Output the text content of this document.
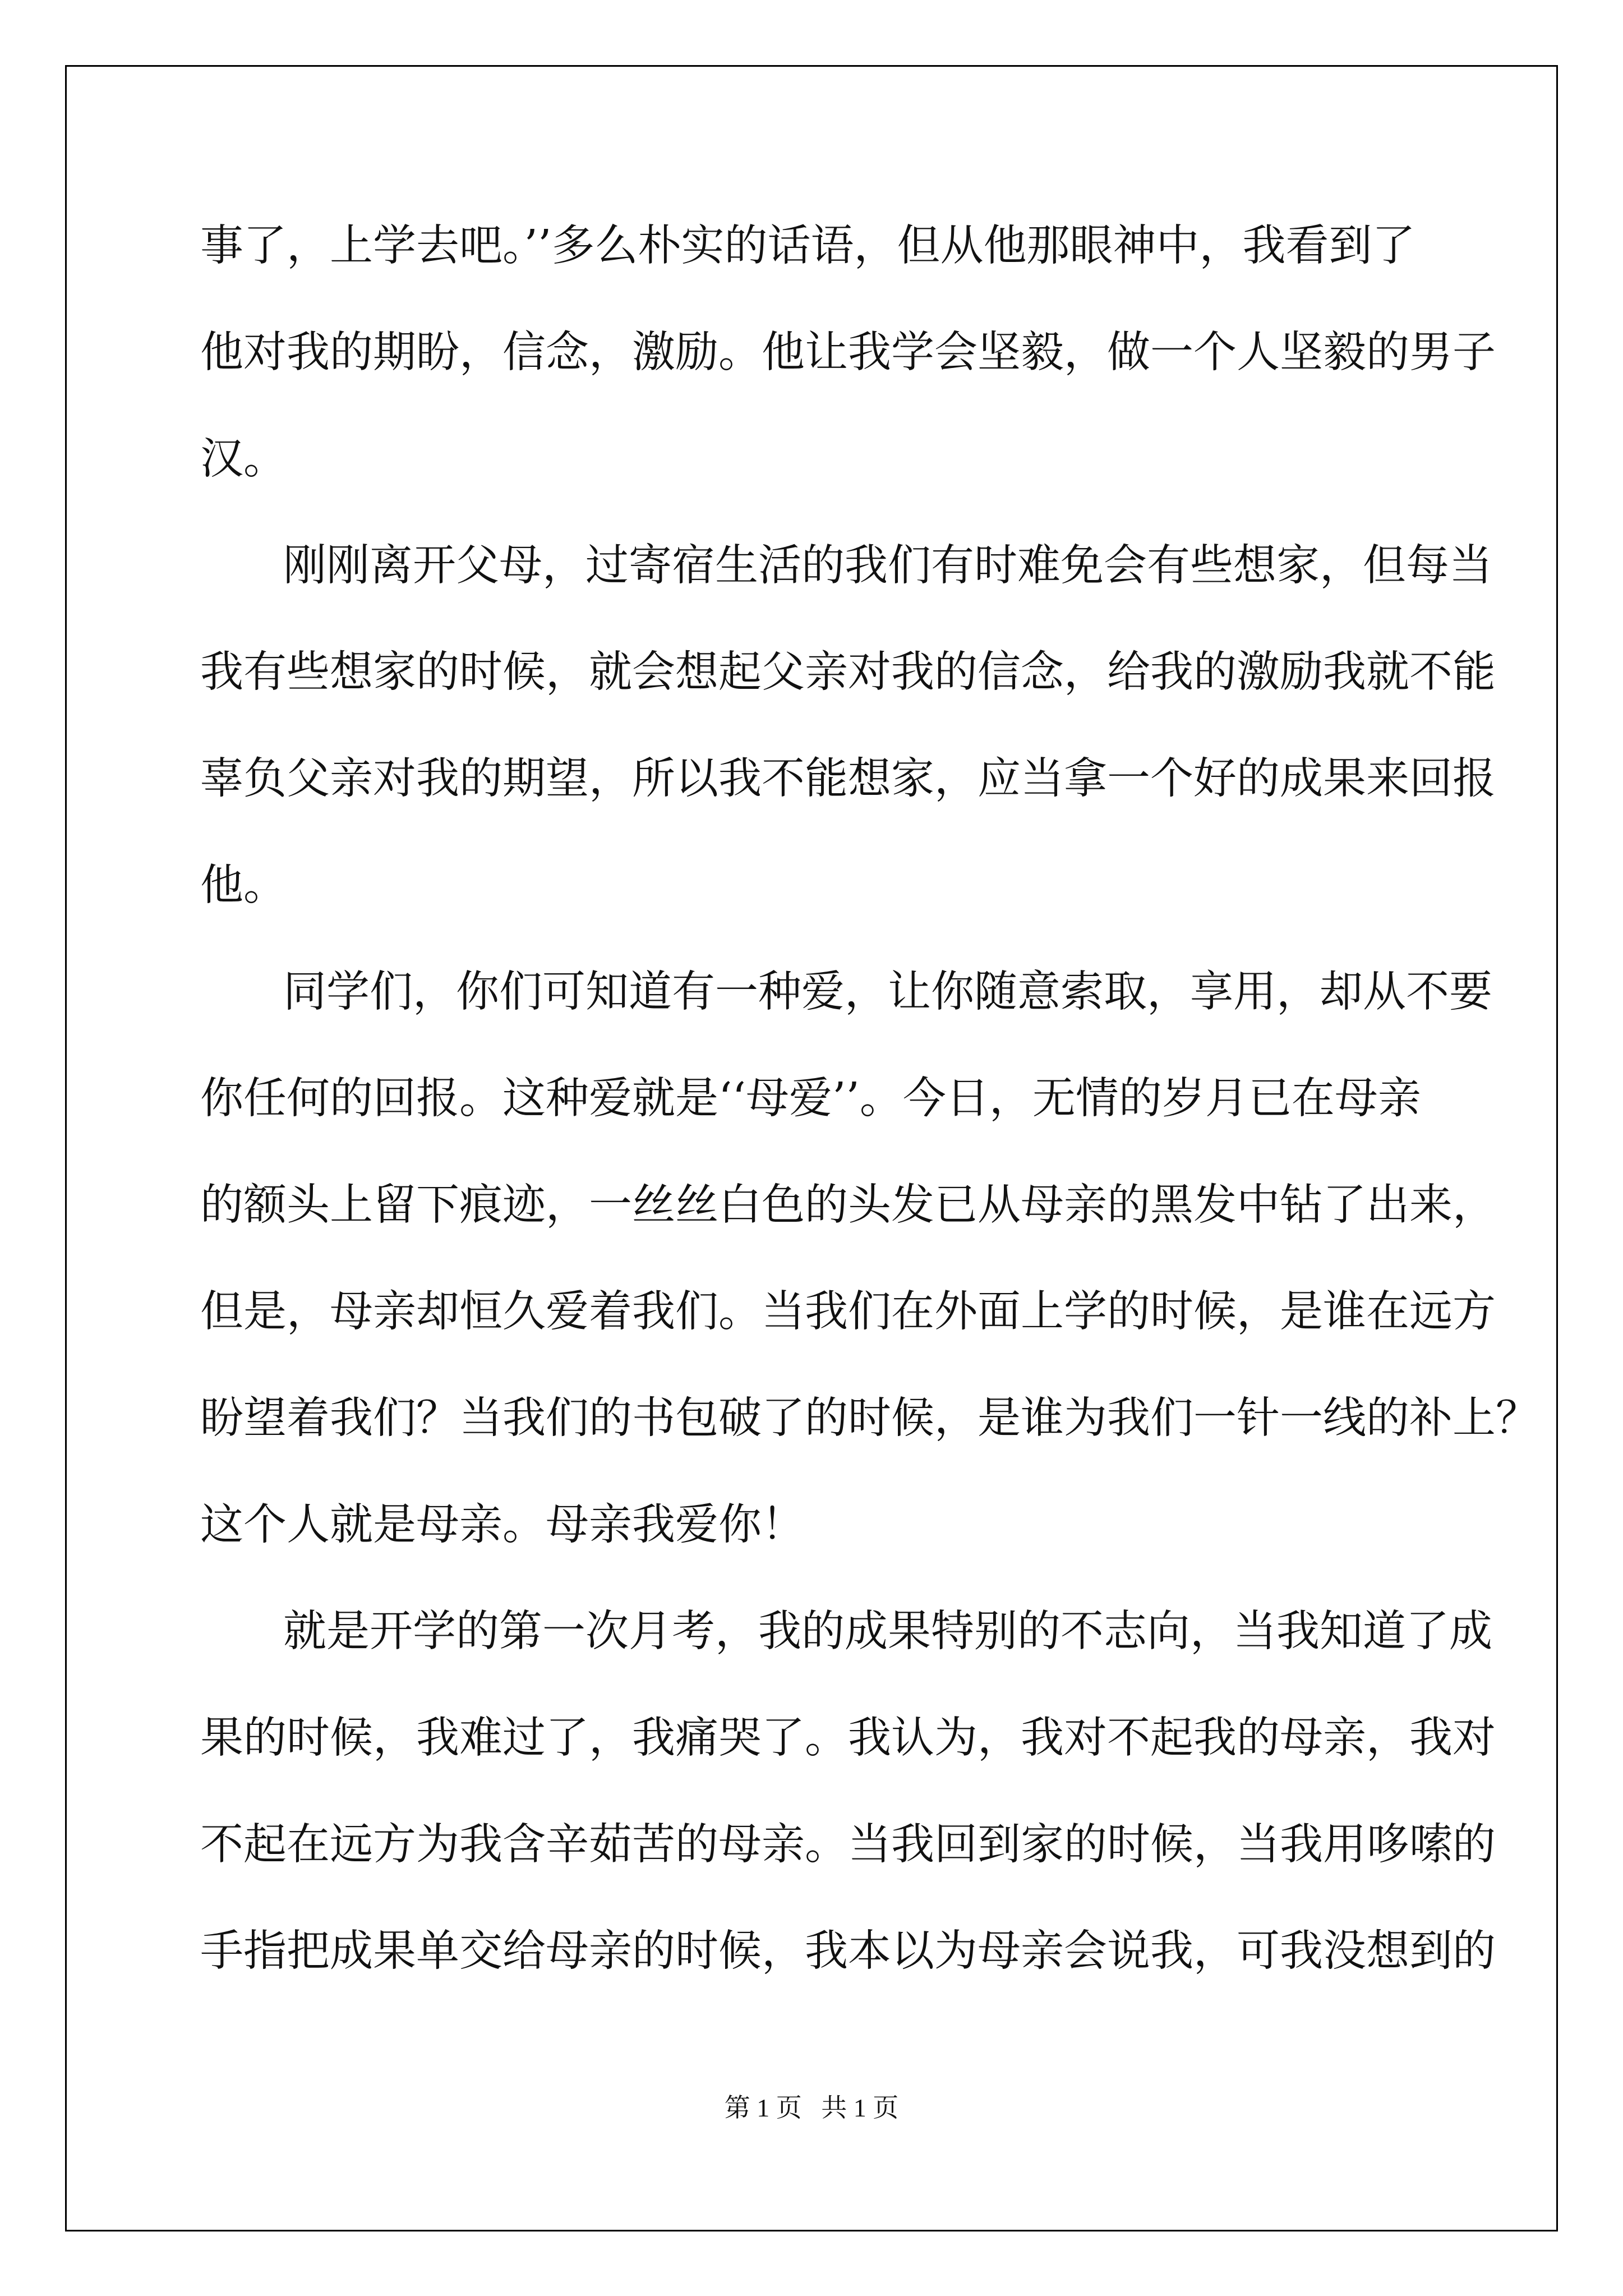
事了，上学去吧。’’多么朴实的话语，但从他那眼神中，我看到了
他对我的期盼，信念，激励。他让我学会坚毅，做一个人坚毅的男子
汉。
刚刚离开父母，过寄宿生活的我们有时难免会有些想家，但每当
我有些想家的时候，就会想起父亲对我的信念，给我的激励我就不能
辜负父亲对我的期望，所以我不能想家，应当拿一个好的成果来回报
他。
同学们，你们可知道有一种爱，让你随意索取，享用，却从不要
你任何的回报。这种爱就是‘‘母爱’’。今日，无情的岁月已在母亲
的额头上留下痕迹，一丝丝白色的头发已从母亲的黑发中钻了出来，
但是，母亲却恒久爱着我们。当我们在外面上学的时候，是谁在远方
盼望着我们？当我们的书包破了的时候，是谁为我们一针一线的补上？
这个人就是母亲。母亲我爱你！
就是开学的第一次月考，我的成果特别的不志向，当我知道了成
果的时候，我难过了，我痛哭了。我认为，我对不起我的母亲，我对
不起在远方为我含辛茹苦的母亲。当我回到家的时候，当我用哆嗦的
手指把成果单交给母亲的时候，我本以为母亲会说我，可我没想到的
第 1 页   共 1 页
